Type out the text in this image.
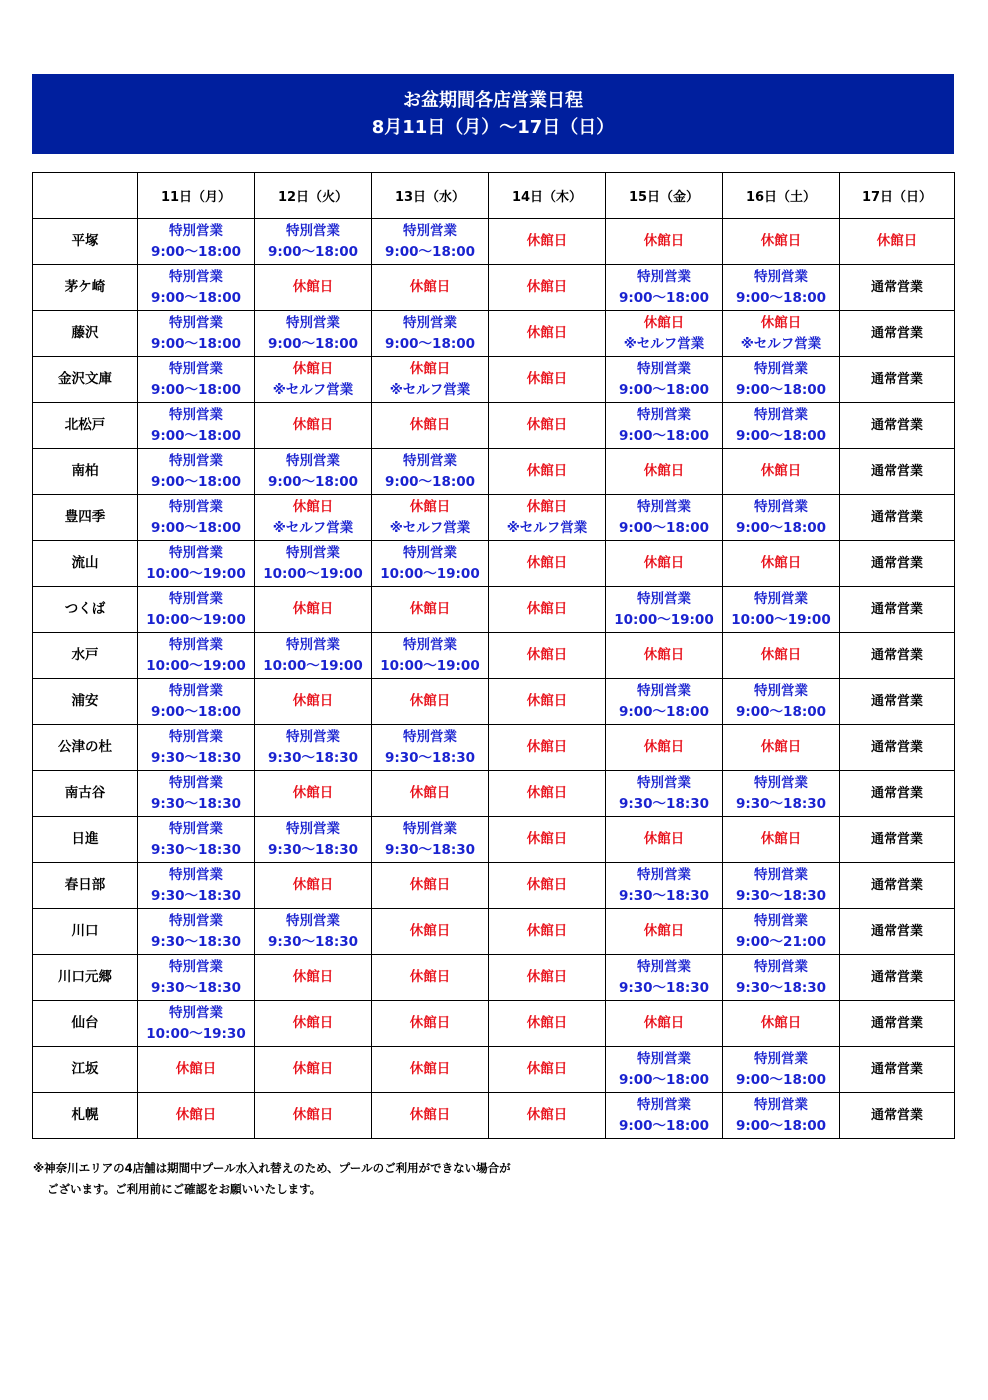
お盆期間各店営業日程
8月11日（月）～17日（日）
	11日（月）	12日（火）	13日（水）	14日（木）	15日（金）	16日（土）	17日（日）
平塚	特別営業
9:00～18:00	特別営業
9:00～18:00	特別営業
9:00～18:00	休館日	休館日	休館日	休館日

茅ケ崎	特別営業
9:00～18:00	休館日	休館日	休館日	特別営業
9:00～18:00	特別営業
9:00～18:00	通常営業

藤沢	特別営業
9:00～18:00	特別営業
9:00～18:00	特別営業
9:00～18:00	休館日	休館日
※セルフ営業	休館日
※セルフ営業	通常営業

金沢文庫	特別営業
9:00～18:00	休館日
※セルフ営業	休館日
※セルフ営業	休館日	特別営業
9:00～18:00	特別営業
9:00～18:00	通常営業

北松戸	特別営業
9:00～18:00	休館日	休館日	休館日	特別営業
9:00～18:00	特別営業
9:00～18:00	通常営業

南柏	特別営業
9:00～18:00	特別営業
9:00～18:00	特別営業
9:00～18:00	休館日	休館日	休館日	通常営業

豊四季	特別営業
9:00～18:00	休館日
※セルフ営業	休館日
※セルフ営業	休館日
※セルフ営業	特別営業
9:00～18:00	特別営業
9:00～18:00	通常営業

流山	特別営業
10:00～19:00	特別営業
10:00～19:00	特別営業
10:00～19:00	休館日	休館日	休館日	通常営業

つくば	特別営業
10:00～19:00	休館日	休館日	休館日	特別営業
10:00～19:00	特別営業
10:00～19:00	通常営業

水戸	特別営業
10:00～19:00	特別営業
10:00～19:00	特別営業
10:00～19:00	休館日	休館日	休館日	通常営業

浦安	特別営業
9:00～18:00	休館日	休館日	休館日	特別営業
9:00～18:00	特別営業
9:00～18:00	通常営業

公津の杜	特別営業
9:30～18:30	特別営業
9:30～18:30	特別営業
9:30～18:30	休館日	休館日	休館日	通常営業

南古谷	特別営業
9:30～18:30	休館日	休館日	休館日	特別営業
9:30～18:30	特別営業
9:30～18:30	通常営業

日進	特別営業
9:30～18:30	特別営業
9:30～18:30	特別営業
9:30～18:30	休館日	休館日	休館日	通常営業

春日部	特別営業
9:30～18:30	休館日	休館日	休館日	特別営業
9:30～18:30	特別営業
9:30～18:30	通常営業

川口	特別営業
9:30～18:30	特別営業
9:30～18:30	休館日	休館日	休館日	特別営業
9:00～21:00	通常営業

川口元郷	特別営業
9:30～18:30	休館日	休館日	休館日	特別営業
9:30～18:30	特別営業
9:30～18:30	通常営業

仙台	特別営業
10:00～19:30	休館日	休館日	休館日	休館日	休館日	通常営業

江坂	休館日	休館日	休館日	休館日	特別営業
9:00～18:00	特別営業
9:00～18:00	通常営業

札幌	休館日	休館日	休館日	休館日	特別営業
9:00～18:00	特別営業
9:00～18:00	通常営業
※神奈川エリアの4店舗は期間中プール水入れ替えのため、プールのご利用ができない場合が
ございます。ご利用前にご確認をお願いいたします。
